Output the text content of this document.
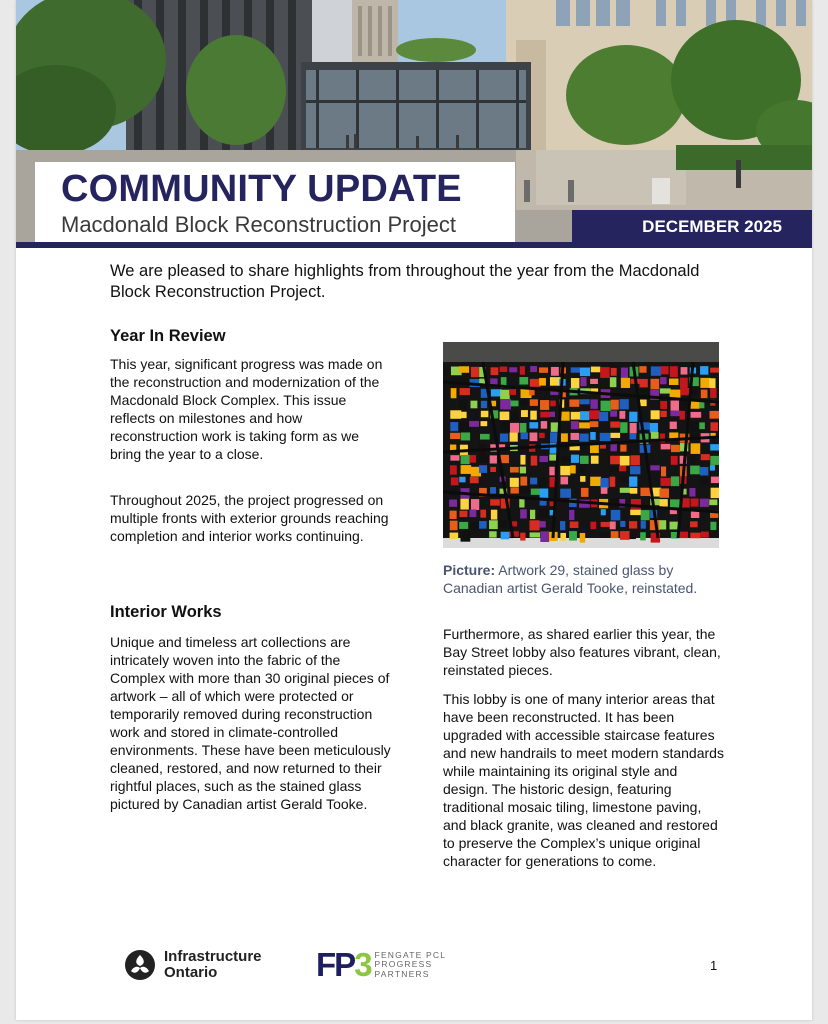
COMMUNITY UPDATE
Macdonald Block Reconstruction Project	DECEMBER 2025
We are pleased to share highlights from throughout the year from the Macdonald Block Reconstruction Project.
Year In Review
This year, significant progress was made on the reconstruction and modernization of the Macdonald Block Complex. This issue reflects on milestones and how reconstruction work is taking form as we bring the year to a close.
Throughout 2025, the project progressed on multiple fronts with exterior grounds reaching completion and interior works continuing.
Interior Works
Unique and timeless art collections are intricately woven into the fabric of the Complex with more than 30 original pieces of artwork – all of which were protected or temporarily removed during reconstruction work and stored in climate-controlled environments. These have been meticulously cleaned, restored, and now returned to their rightful places, such as the stained glass pictured by Canadian artist Gerald Tooke.
Picture: Artwork 29, stained glass by Canadian artist Gerald Tooke, reinstated.
Furthermore, as shared earlier this year, the Bay Street lobby also features vibrant, clean, reinstated pieces.
This lobby is one of many interior areas that have been reconstructed. It has been upgraded with accessible staircase features and new handrails to meet modern standards while maintaining its original style and design. The historic design, featuring traditional mosaic tiling, limestone paving, and black granite, was cleaned and restored to preserve the Complex’s unique original character for generations to come.
Infrastructure
Ontario	FP3 FENGATE PCL
PROGRESS
PARTNERS
1
